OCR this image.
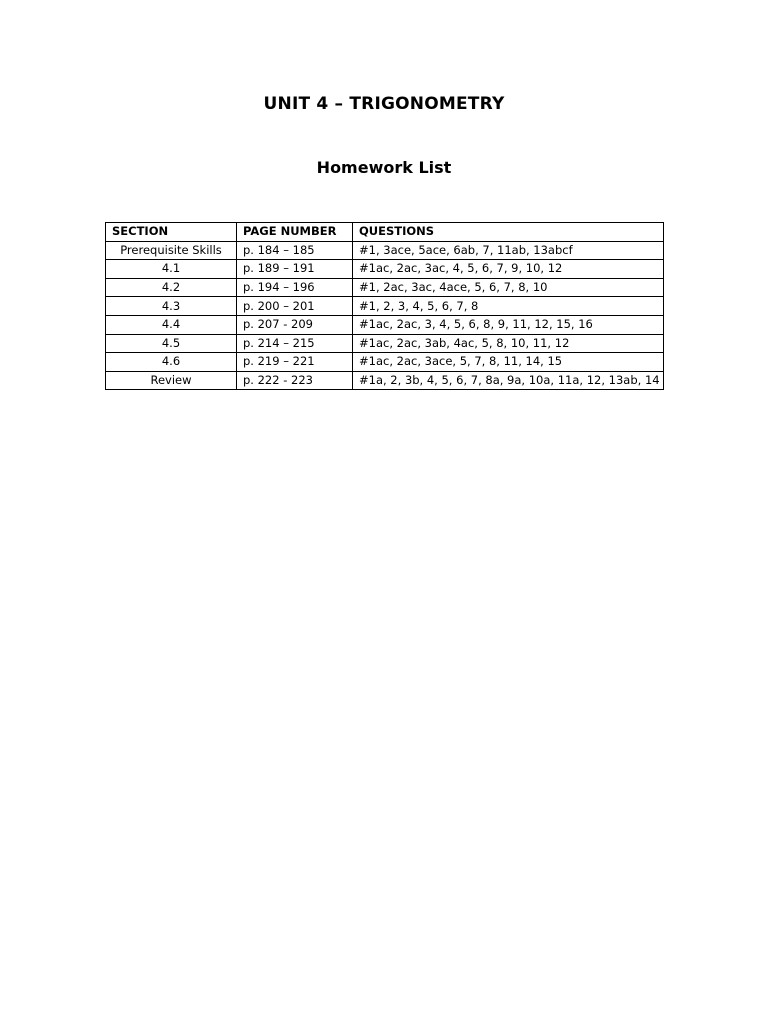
UNIT 4 – TRIGONOMETRY
Homework List
SECTION	PAGE NUMBER	QUESTIONS
Prerequisite Skills	p. 184 – 185	#1, 3ace, 5ace, 6ab, 7, 11ab, 13abcf
4.1	p. 189 – 191	#1ac, 2ac, 3ac, 4, 5, 6, 7, 9, 10, 12
4.2	p. 194 – 196	#1, 2ac, 3ac, 4ace, 5, 6, 7, 8, 10
4.3	p. 200 – 201	#1, 2, 3, 4, 5, 6, 7, 8
4.4	p. 207 - 209	#1ac, 2ac, 3, 4, 5, 6, 8, 9, 11, 12, 15, 16
4.5	p. 214 – 215	#1ac, 2ac, 3ab, 4ac, 5, 8, 10, 11, 12
4.6	p. 219 – 221	#1ac, 2ac, 3ace, 5, 7, 8, 11, 14, 15
Review	p. 222 - 223	#1a, 2, 3b, 4, 5, 6, 7, 8a, 9a, 10a, 11a, 12, 13ab, 14
